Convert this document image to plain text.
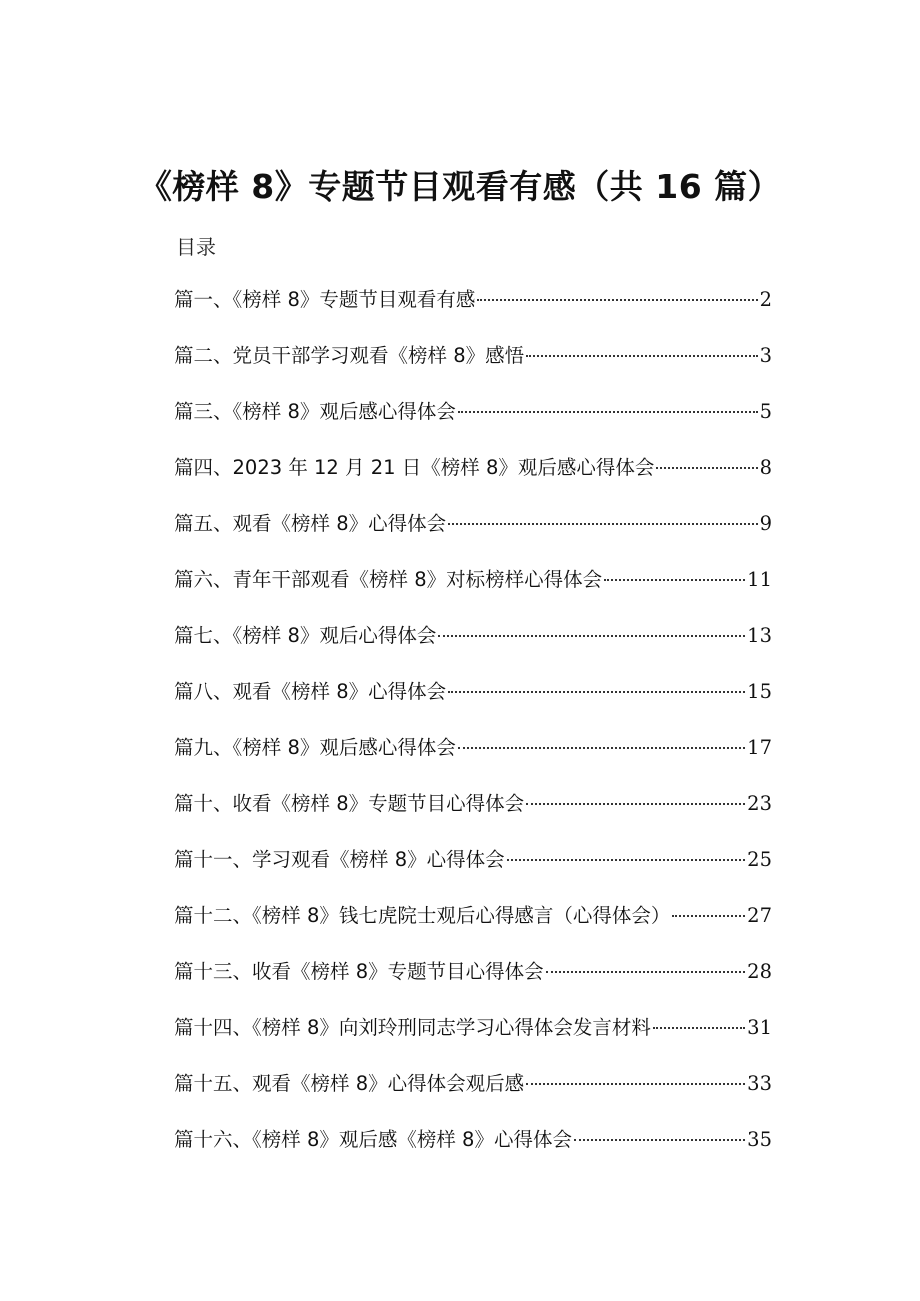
《榜样 8》专题节目观看有感（共 16 篇）
目录
篇一、《榜样 8》专题节目观看有感	2
篇二、党员干部学习观看《榜样 8》感悟	3
篇三、《榜样 8》观后感心得体会	5
篇四、2023 年 12 月 21 日《榜样 8》观后感心得体会	8
篇五、观看《榜样 8》心得体会	9
篇六、青年干部观看《榜样 8》对标榜样心得体会	11
篇七、《榜样 8》观后心得体会	13
篇八、观看《榜样 8》心得体会	15
篇九、《榜样 8》观后感心得体会	17
篇十、收看《榜样 8》专题节目心得体会	23
篇十一、学习观看《榜样 8》心得体会	25
篇十二、《榜样 8》钱七虎院士观后心得感言（心得体会）	27
篇十三、收看《榜样 8》专题节目心得体会	28
篇十四、《榜样 8》向刘玲刑同志学习心得体会发言材料	31
篇十五、观看《榜样 8》心得体会观后感	33
篇十六、《榜样 8》观后感《榜样 8》心得体会	35
